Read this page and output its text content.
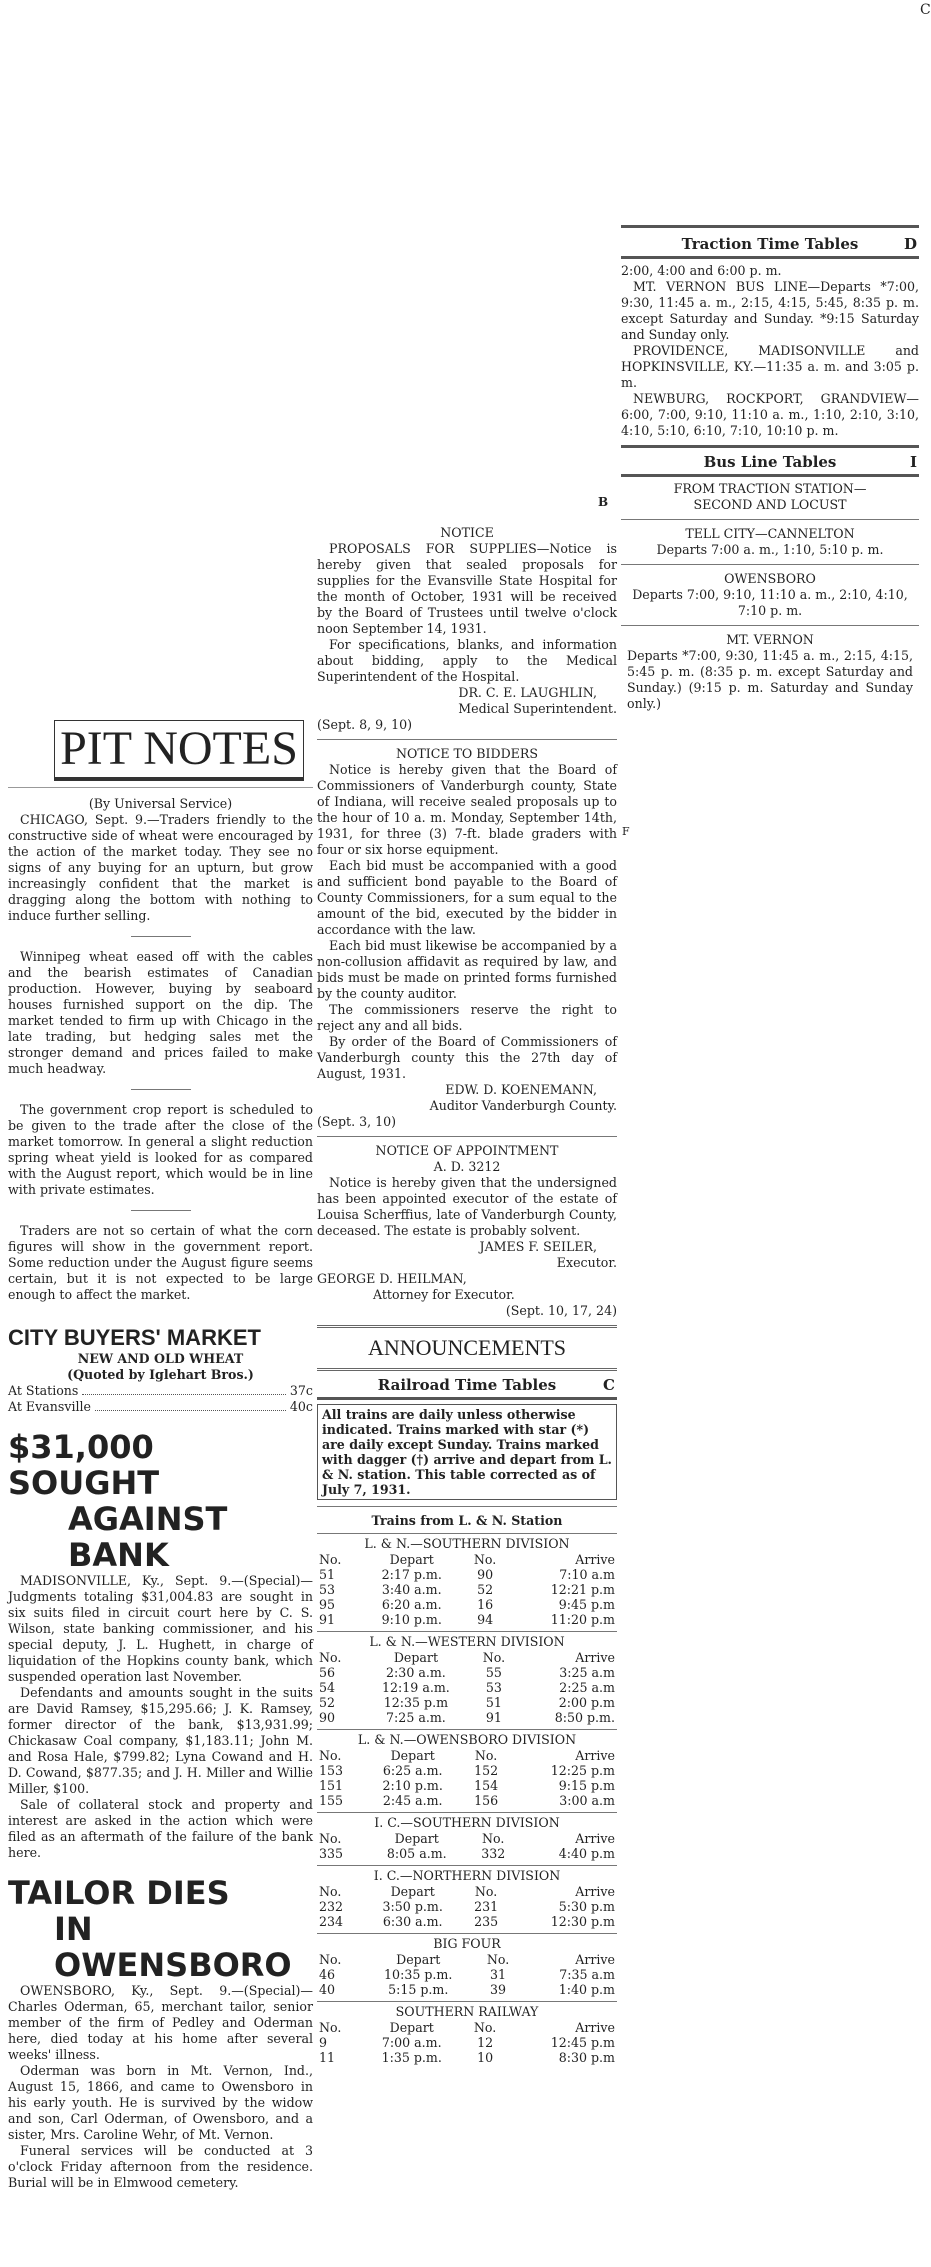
C
B
F
PIT NOTES
(By Universal Service)

CHICAGO, Sept. 9.—Traders friendly to the constructive side of wheat were encouraged by the action of the market today. They see no signs of any buying for an upturn, but grow increasingly confident that the market is dragging along the bottom with nothing to induce further selling.

Winnipeg wheat eased off with the cables and the bearish estimates of Canadian production. However, buying by seaboard houses furnished support on the dip. The market tended to firm up with Chicago in the late trading, but hedging sales met the stronger demand and prices failed to make much headway.

The government crop report is scheduled to be given to the trade after the close of the market tomorrow. In general a slight reduction spring wheat yield is looked for as compared with the August report, which would be in line with private estimates.

Traders are not so certain of what the corn figures will show in the government report. Some reduction under the August figure seems certain, but it is not expected to be large enough to affect the market.

CITY BUYERS' MARKET
NEW AND OLD WHEAT
(Quoted by Iglehart Bros.)
At Stations	37c
At Evansville	40c
$31,000 SOUGHT
AGAINST BANK

MADISONVILLE, Ky., Sept. 9.—(Special)—Judgments totaling $31,004.83 are sought in six suits filed in circuit court here by C. S. Wilson, state banking commissioner, and his special deputy, J. L. Hughett, in charge of liquidation of the Hopkins county bank, which suspended operation last November.

Defendants and amounts sought in the suits are David Ramsey, $15,295.66; J. K. Ramsey, former director of the bank, $13,931.99; Chickasaw Coal company, $1,183.11; John M. and Rosa Hale, $799.82; Lyna Cowand and H. D. Cowand, $877.35; and J. H. Miller and Willie Miller, $100.

Sale of collateral stock and property and interest are asked in the action which were filed as an aftermath of the failure of the bank here.

TAILOR DIES
IN OWENSBORO

OWENSBORO, Ky., Sept. 9.—(Special)—Charles Oderman, 65, merchant tailor, senior member of the firm of Pedley and Oderman here, died today at his home after several weeks' illness.

Oderman was born in Mt. Vernon, Ind., August 15, 1866, and came to Owensboro in his early youth. He is survived by the widow and son, Carl Oderman, of Owensboro, and a sister, Mrs. Caroline Wehr, of Mt. Vernon.

Funeral services will be conducted at 3 o'clock Friday afternoon from the residence. Burial will be in Elmwood cemetery.

NOTICE

PROPOSALS FOR SUPPLIES—Notice is hereby given that sealed proposals for supplies for the Evansville State Hospital for the month of October, 1931 will be received by the Board of Trustees until twelve o'clock noon September 14, 1931.

For specifications, blanks, and information about bidding, apply to the Medical Superintendent of the Hospital.

DR. C. E. LAUGHLIN,
Medical Superintendent.
(Sept. 8, 9, 10)
NOTICE TO BIDDERS

Notice is hereby given that the Board of Commissioners of Vanderburgh county, State of Indiana, will receive sealed proposals up to the hour of 10 a. m. Monday, September 14th, 1931, for three (3) 7-ft. blade graders with four or six horse equipment.

Each bid must be accompanied with a good and sufficient bond payable to the Board of County Commissioners, for a sum equal to the amount of the bid, executed by the bidder in accordance with the law.

Each bid must likewise be accompanied by a non-collusion affidavit as required by law, and bids must be made on printed forms furnished by the county auditor.

The commissioners reserve the right to reject any and all bids.

By order of the Board of Commissioners of Vanderburgh county this the 27th day of August, 1931.

EDW. D. KOENEMANN,
Auditor Vanderburgh County.
(Sept. 3, 10)
NOTICE OF APPOINTMENT
A. D. 3212

Notice is hereby given that the undersigned has been appointed executor of the estate of Louisa Scherffius, late of Vanderburgh County, deceased. The estate is probably solvent.

JAMES F. SEILER,
Executor.
GEORGE D. HEILMAN,
Attorney for Executor.
(Sept. 10, 17, 24)
ANNOUNCEMENTS
Railroad Time Tables	C
All trains are daily unless otherwise indicated. Trains marked with star (*) are daily except Sunday. Trains marked with dagger (†) arrive and depart from L. & N. station. This table corrected as of July 7, 1931.
Trains from L. & N. Station
L. & N.—SOUTHERN DIVISION
No.	Depart	No.	Arrive
51	2:17 p.m.	90	7:10 a.m
53	3:40 a.m.	52	12:21 p.m
95	6:20 a.m.	16	9:45 p.m
91	9:10 p.m.	94	11:20 p.m
L. & N.—WESTERN DIVISION
No.	Depart	No.	Arrive
56	2:30 a.m.	55	3:25 a.m
54	12:19 a.m.	53	2:25 a.m
52	12:35 p.m	51	2:00 p.m
90	7:25 a.m.	91	8:50 p.m.
L. & N.—OWENSBORO DIVISION
No.	Depart	No.	Arrive
153	6:25 a.m.	152	12:25 p.m
151	2:10 p.m.	154	9:15 p.m
155	2:45 a.m.	156	3:00 a.m
I. C.—SOUTHERN DIVISION
No.	Depart	No.	Arrive
335	8:05 a.m.	332	4:40 p.m
I. C.—NORTHERN DIVISION
No.	Depart	No.	Arrive
232	3:50 p.m.	231	5:30 p.m
234	6:30 a.m.	235	12:30 p.m
BIG FOUR
No.	Depart	No.	Arrive
46	10:35 p.m.	31	7:35 a.m
40	5:15 p.m.	39	1:40 p.m
SOUTHERN RAILWAY
No.	Depart	No.	Arrive
9	7:00 a.m.	12	12:45 p.m
11	1:35 p.m.	10	8:30 p.m
Traction Time Tables	D
2:00, 4:00 and 6:00 p. m.

MT. VERNON BUS LINE—Departs *7:00, 9:30, 11:45 a. m., 2:15, 4:15, 5:45, 8:35 p. m. except Saturday and Sunday. *9:15 Saturday and Sunday only.

PROVIDENCE, MADISONVILLE and HOPKINSVILLE, KY.—11:35 a. m. and 3:05 p. m.

NEWBURG, ROCKPORT, GRANDVIEW—6:00, 7:00, 9:10, 11:10 a. m., 1:10, 2:10, 3:10, 4:10, 5:10, 6:10, 7:10, 10:10 p. m.

Bus Line Tables	I
FROM TRACTION STATION—
SECOND AND LOCUST
TELL CITY—CANNELTON
Departs 7:00 a. m., 1:10, 5:10 p. m.
OWENSBORO
Departs 7:00, 9:10, 11:10 a. m., 2:10, 4:10, 7:10 p. m.
MT. VERNON

Departs *7:00, 9:30, 11:45 a. m., 2:15, 4:15, 5:45 p. m. (8:35 p. m. except Saturday and Sunday.) (9:15 p. m. Saturday and Sunday only.)
